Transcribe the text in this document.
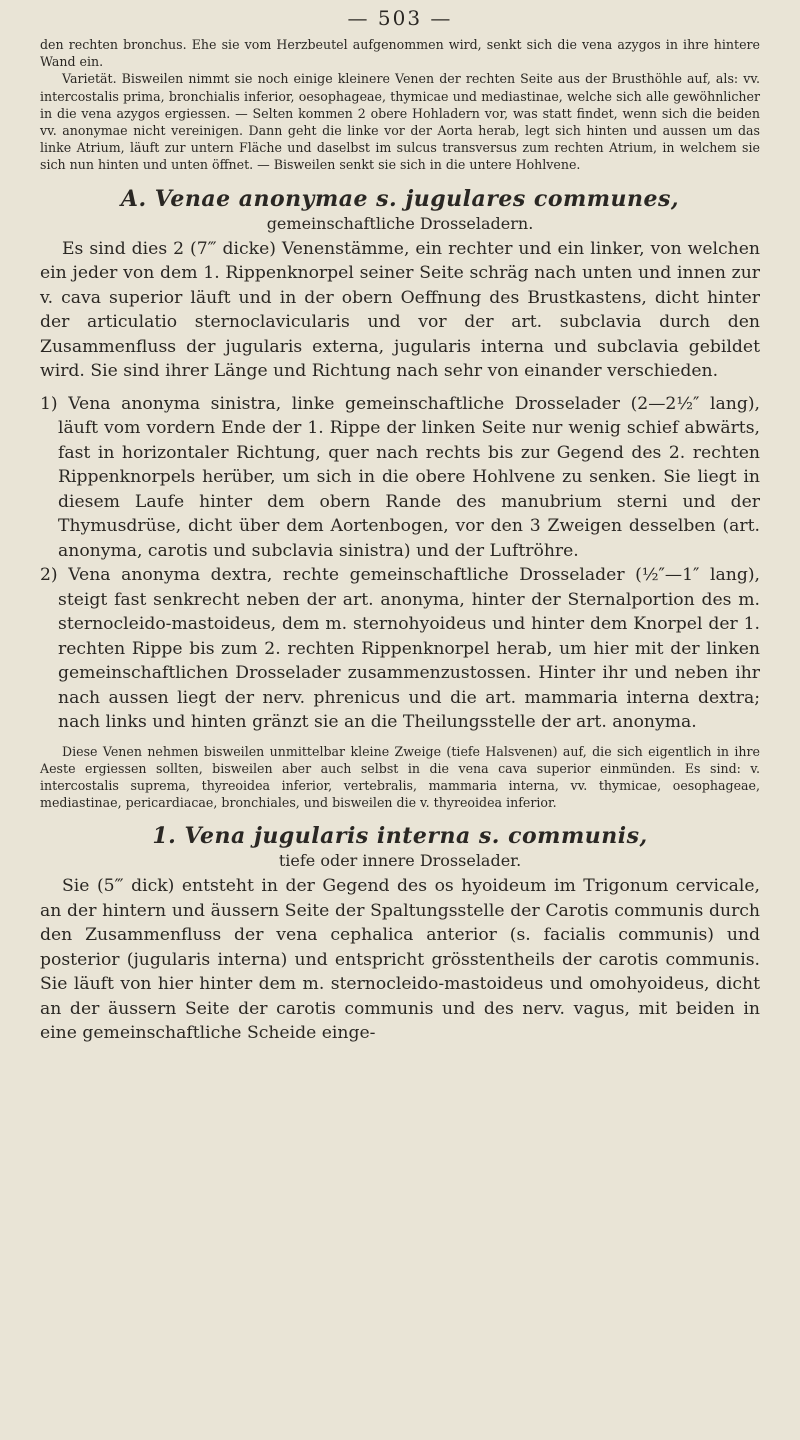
— 503 —

den rechten bronchus. Ehe sie vom Herzbeutel aufgenommen wird, senkt sich die vena azygos in ihre hintere Wand ein.

Varietät. Bisweilen nimmt sie noch einige kleinere Venen der rechten Seite aus der Brusthöhle auf, als: vv. intercostalis prima, bronchialis inferior, oesophageae, thymicae und mediastinae, welche sich alle gewöhnlicher in die vena azygos ergiessen. — Selten kommen 2 obere Hohladern vor, was statt findet, wenn sich die beiden vv. anonymae nicht vereinigen. Dann geht die linke vor der Aorta herab, legt sich hinten und aussen um das linke Atrium, läuft zur untern Fläche und daselbst im sulcus transversus zum rechten Atrium, in welchem sie sich nun hinten und unten öffnet. — Bisweilen senkt sie sich in die untere Hohlvene.

A. Venae anonymae s. jugulares communes,
gemeinschaftliche Drosseladern.

Es sind dies 2 (7‴ dicke) Venenstämme, ein rechter und ein linker, von welchen ein jeder von dem 1. Rippenknorpel seiner Seite schräg nach unten und innen zur v. cava superior läuft und in der obern Oeffnung des Brustkastens, dicht hinter der articulatio sternoclavicularis und vor der art. subclavia durch den Zusammenfluss der jugularis externa, jugularis interna und subclavia gebildet wird. Sie sind ihrer Länge und Richtung nach sehr von einander verschieden.

1) Vena anonyma sinistra, linke gemeinschaftliche Drosselader (2—2½″ lang), läuft vom vordern Ende der 1. Rippe der linken Seite nur wenig schief abwärts, fast in horizontaler Richtung, quer nach rechts bis zur Gegend des 2. rechten Rippenknorpels herüber, um sich in die obere Hohlvene zu senken. Sie liegt in diesem Laufe hinter dem obern Rande des manubrium sterni und der Thymusdrüse, dicht über dem Aortenbogen, vor den 3 Zweigen desselben (art. anonyma, carotis und subclavia sinistra) und der Luftröhre.

2) Vena anonyma dextra, rechte gemeinschaftliche Drosselader (½″—1″ lang), steigt fast senkrecht neben der art. anonyma, hinter der Sternalportion des m. sternocleido-mastoideus, dem m. sternohyoideus und hinter dem Knorpel der 1. rechten Rippe bis zum 2. rechten Rippenknorpel herab, um hier mit der linken gemeinschaftlichen Drosselader zusammenzustossen. Hinter ihr und neben ihr nach aussen liegt der nerv. phrenicus und die art. mammaria interna dextra; nach links und hinten gränzt sie an die Theilungsstelle der art. anonyma.

Diese Venen nehmen bisweilen unmittelbar kleine Zweige (tiefe Halsvenen) auf, die sich eigentlich in ihre Aeste ergiessen sollten, bisweilen aber auch selbst in die vena cava superior einmünden. Es sind: v. intercostalis suprema, thyreoidea inferior, vertebralis, mammaria interna, vv. thymicae, oesophageae, mediastinae, pericardiacae, bronchiales, und bisweilen die v. thyreoidea inferior.

1. Vena jugularis interna s. communis,
tiefe oder innere Drosselader.

Sie (5‴ dick) entsteht in der Gegend des os hyoideum im Trigonum cervicale, an der hintern und äussern Seite der Spaltungsstelle der Carotis communis durch den Zusammenfluss der vena cephalica anterior (s. facialis communis) und posterior (jugularis interna) und entspricht grösstentheils der carotis communis. Sie läuft von hier hinter dem m. sternocleido-mastoideus und omohyoideus, dicht an der äussern Seite der carotis communis und des nerv. vagus, mit beiden in eine gemeinschaftliche Scheide einge-
